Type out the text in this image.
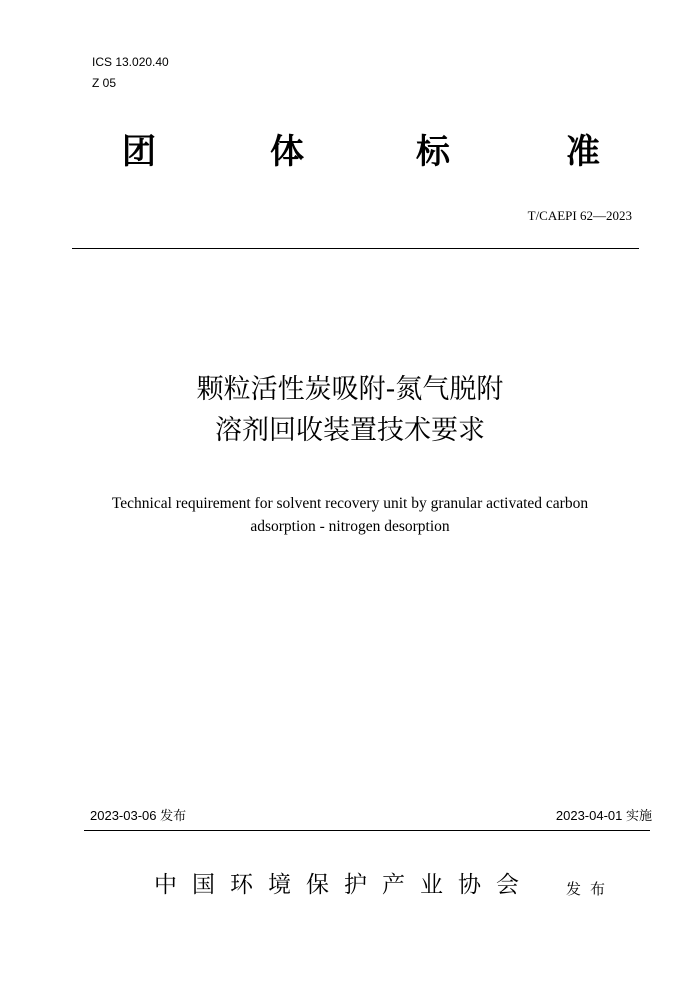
ICS 13.020.40
Z 05
团	体	标	准
T/CAEPI 62—2023
颗粒活性炭吸附-氮气脱附
溶剂回收装置技术要求
Technical requirement for solvent recovery unit by granular activated carbon
adsorption - nitrogen desorption
2023-03-06 发布	2023-04-01 实施
中 国 环 境 保 护 产 业 协 会	发 布
